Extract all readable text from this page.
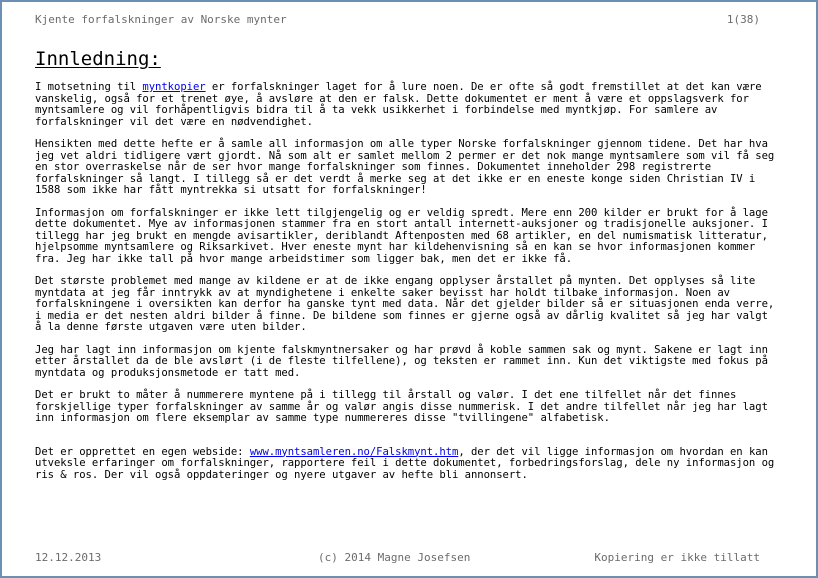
Kjente forfalskninger av Norske mynter	1(38)
Innledning:

I motsetning til myntkopier er forfalskninger laget for å lure noen. De er ofte så godt fremstillet at det kan være vanskelig, også for et trenet øye, å avsløre at den er falsk. Dette dokumentet er ment å være et oppslagsverk for myntsamlere og vil forhåpentligvis bidra til å ta vekk usikkerhet i forbindelse med myntkjøp. For samlere av forfalskninger vil det være en nødvendighet.

Hensikten med dette hefte er å samle all informasjon om alle typer Norske forfalskninger gjennom tidene. Det har hva jeg vet aldri tidligere vært gjordt. Nå som alt er samlet mellom 2 permer er det nok mange myntsamlere som vil få seg en stor overraskelse når de ser hvor mange forfalskninger som finnes. Dokumentet inneholder 298 registrerte forfalskninger så langt. I tillegg så er det verdt å merke seg at det ikke er en eneste konge siden Christian IV i 1588 som ikke har fått myntrekka si utsatt for forfalskninger!

Informasjon om forfalskninger er ikke lett tilgjengelig og er veldig spredt. Mere enn 200 kilder er brukt for å lage dette dokumentet. Mye av informasjonen stammer fra en stort antall internett-auksjoner og tradisjonelle auksjoner. I tillegg har jeg brukt en mengde avisartikler, deriblandt Aftenposten med 68 artikler, en del numismatisk litteratur, hjelpsomme myntsamlere og Riksarkivet. Hver eneste mynt har kildehenvisning så en kan se hvor informasjonen kommer fra. Jeg har ikke tall på hvor mange arbeidstimer som ligger bak, men det er ikke få.

Det største problemet med mange av kildene er at de ikke engang opplyser årstallet på mynten. Det opplyses så lite myntdata at jeg får inntrykk av at myndighetene i enkelte saker bevisst har holdt tilbake informasjon. Noen av forfalskningene i oversikten kan derfor ha ganske tynt med data. Når det gjelder bilder så er situasjonen enda verre, i media er det nesten aldri bilder å finne. De bildene som finnes er gjerne også av dårlig kvalitet så jeg har valgt å la denne første utgaven være uten bilder.

Jeg har lagt inn informasjon om kjente falskmyntnersaker og har prøvd å koble sammen sak og mynt. Sakene er lagt inn etter årstallet da de ble avslørt (i de fleste tilfellene), og teksten er rammet inn. Kun det viktigste med fokus på myntdata og produksjonsmetode er tatt med.

Det er brukt to måter å nummerere myntene på i tillegg til årstall og valør. I det ene tilfellet når det finnes forskjellige typer forfalskninger av samme år og valør angis disse nummerisk. I det andre tilfellet når jeg har lagt inn informasjon om flere eksemplar av samme type nummereres disse "tvillingene" alfabetisk.

Det er opprettet en egen webside: www.myntsamleren.no/Falskmynt.htm, der det vil ligge informasjon om hvordan en kan utveksle erfaringer om forfalskninger, rapportere feil i dette dokumentet, forbedringsforslag, dele ny informasjon og ris & ros. Der vil også oppdateringer og nyere utgaver av hefte bli annonsert.

12.12.2013	(c) 2014 Magne Josefsen	Kopiering er ikke tillatt
